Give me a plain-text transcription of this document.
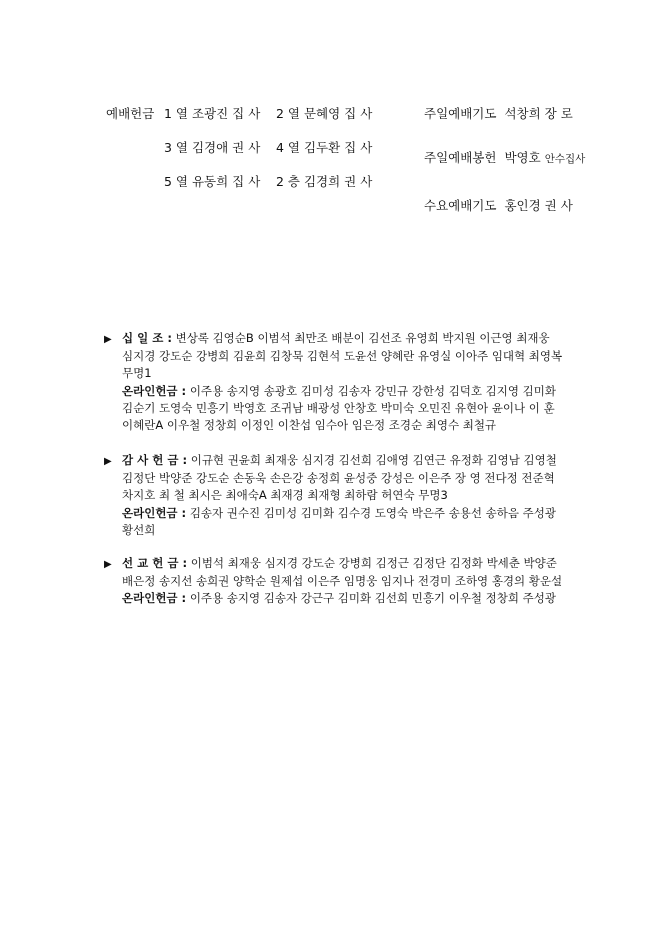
예배헌금 1 열 조광진 집 사 2 열 문혜영 집 사
3 열 김경애 권 사 4 열 김두환 집 사
5 열 유동희 집 사 2 층 김경희 권 사
주일예배기도 석창희 장 로
주일예배봉헌 박영호 안수집사
수요예배기도 홍인경 권 사
▶ 십 일 조 : 변상록 김영순B 이범석 최만조 배분이 김선조 유영희 박지원 이근영 최재웅
심지경 강도순 강병희 김윤희 김창묵 김현석 도윤선 양혜란 유영실 이아주 임대혁 최영복
무명1
온라인헌금 : 이주용 송지영 송광호 김미성 김송자 강민규 강한성 김덕호 김지영 김미화
김순기 도영숙 민흥기 박영호 조귀남 배광성 안창호 박미숙 오민진 유현아 윤이나 이 훈
이혜란A 이우철 정창희 이정인 이찬섭 임수아 임은정 조경순 최영수 최철규
▶ 감 사 헌 금 : 이규현 권윤희 최재웅 심지경 김선희 김애영 김연근 유정화 김영남 김영철
김정단 박양준 강도순 손동욱 손은강 송정희 윤성중 강성은 이은주 장 영 전다정 전준혁
차지호 최 철 최시은 최애숙A 최재경 최재형 최하람 허연숙 무명3
온라인헌금 : 김송자 권수진 김미성 김미화 김수경 도영숙 박은주 송용선 송하음 주성광
황선희
▶ 선 교 헌 금 : 이범석 최재웅 심지경 강도순 강병희 김정근 김정단 김정화 박세춘 박양준
배은정 송지선 송희권 양학순 원제섭 이은주 임명웅 임지나 전경미 조하영 홍경의 황운설
온라인헌금 : 이주용 송지영 김송자 강근구 김미화 김선희 민흥기 이우철 정창희 주성광
